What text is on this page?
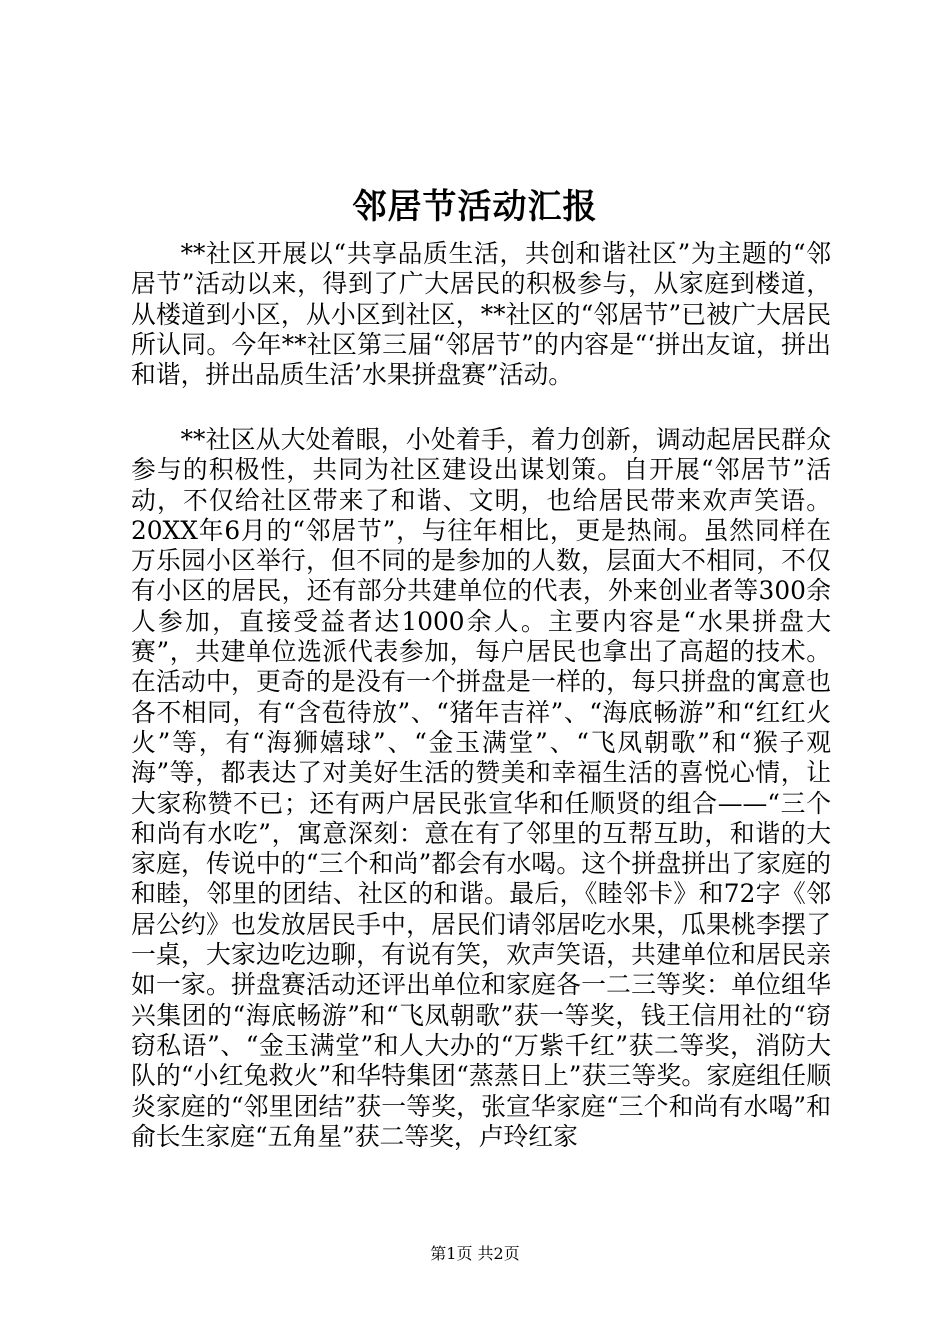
邻居节活动汇报

**社区开展以“共享品质生活，共创和谐社区”为主题的“邻居节”活动以来，得到了广大居民的积极参与，从家庭到楼道，从楼道到小区，从小区到社区，**社区的“邻居节”已被广大居民所认同。今年**社区第三届“邻居节”的内容是“‘拼出友谊，拼出和谐，拼出品质生活’水果拼盘赛”活动。

**社区从大处着眼，小处着手，着力创新，调动起居民群众参与的积极性，共同为社区建设出谋划策。自开展“邻居节”活动，不仅给社区带来了和谐、文明，也给居民带来欢声笑语。20XX年6月的“邻居节”，与往年相比，更是热闹。虽然同样在万乐园小区举行，但不同的是参加的人数，层面大不相同，不仅有小区的居民，还有部分共建单位的代表，外来创业者等300余人参加，直接受益者达1000余人。主要内容是“水果拼盘大赛”，共建单位选派代表参加，每户居民也拿出了高超的技术。在活动中，更奇的是没有一个拼盘是一样的，每只拼盘的寓意也各不相同，有“含苞待放”、“猪年吉祥”、“海底畅游”和“红红火火”等，有“海狮嬉球”、“金玉满堂”、“飞凤朝歌”和“猴子观海”等，都表达了对美好生活的赞美和幸福生活的喜悦心情，让大家称赞不已；还有两户居民张宣华和任顺贤的组合——“三个和尚有水吃”，寓意深刻：意在有了邻里的互帮互助，和谐的大家庭，传说中的“三个和尚”都会有水喝。这个拼盘拼出了家庭的和睦，邻里的团结、社区的和谐。最后，《睦邻卡》和72字《邻居公约》也发放居民手中，居民们请邻居吃水果，瓜果桃李摆了一桌，大家边吃边聊，有说有笑，欢声笑语，共建单位和居民亲如一家。拼盘赛活动还评出单位和家庭各一二三等奖：单位组华兴集团的“海底畅游”和“飞凤朝歌”获一等奖，钱王信用社的“窃窃私语”、“金玉满堂”和人大办的“万紫千红”获二等奖，消防大队的“小红兔救火”和华特集团“蒸蒸日上”获三等奖。家庭组任顺炎家庭的“邻里团结”获一等奖，张宣华家庭“三个和尚有水喝”和俞长生家庭“五角星”获二等奖，卢玲红家

第1页 共2页
